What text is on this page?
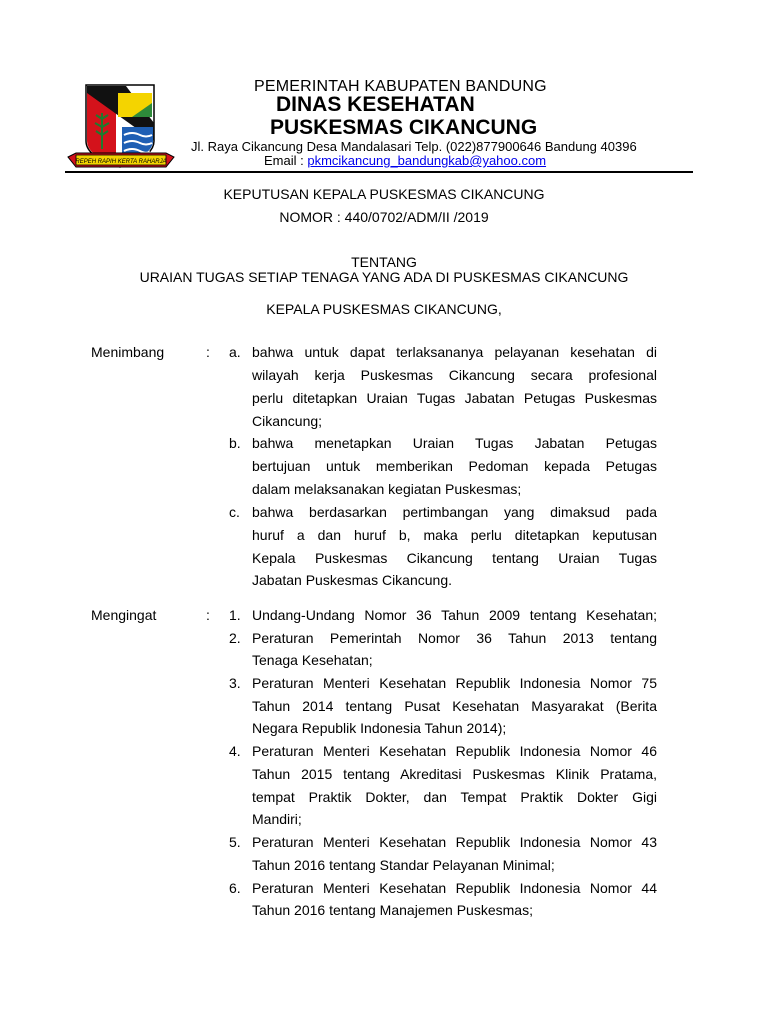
REPEH RAPIH KERTA RAHARJA
PEMERINTAH KABUPATEN BANDUNG
DINAS KESEHATAN
PUSKESMAS CIKANCUNG
Jl. Raya Cikancung Desa Mandalasari Telp. (022)877900646 Bandung 40396
Email : pkmcikancung_bandungkab@yahoo.com
KEPUTUSAN KEPALA PUSKESMAS CIKANCUNG
NOMOR : 440/0702/ADM/II /2019
TENTANG
URAIAN TUGAS SETIAP TENAGA YANG ADA DI PUSKESMAS CIKANCUNG
KEPALA PUSKESMAS CIKANCUNG,
Menimbang	: a. bahwa untuk dapat terlaksananya pelayanan kesehatan di
wilayah kerja Puskesmas Cikancung secara profesional
perlu ditetapkan Uraian Tugas Jabatan Petugas Puskesmas
Cikancung;
b. bahwa menetapkan Uraian Tugas Jabatan Petugas
bertujuan untuk memberikan Pedoman kepada Petugas
dalam melaksanakan kegiatan Puskesmas;
c. bahwa berdasarkan pertimbangan yang dimaksud pada
huruf a dan huruf b, maka perlu ditetapkan keputusan
Kepala Puskesmas Cikancung tentang Uraian Tugas
Jabatan Puskesmas Cikancung.
Mengingat	: 1. Undang-Undang Nomor 36 Tahun 2009 tentang Kesehatan;
2. Peraturan Pemerintah Nomor 36 Tahun 2013 tentang
Tenaga Kesehatan;
3. Peraturan Menteri Kesehatan Republik Indonesia Nomor 75
Tahun 2014 tentang Pusat Kesehatan Masyarakat (Berita
Negara Republik Indonesia Tahun 2014);
4. Peraturan Menteri Kesehatan Republik Indonesia Nomor 46
Tahun 2015 tentang Akreditasi Puskesmas Klinik Pratama,
tempat Praktik Dokter, dan Tempat Praktik Dokter Gigi
Mandiri;
5. Peraturan Menteri Kesehatan Republik Indonesia Nomor 43
Tahun 2016 tentang Standar Pelayanan Minimal;
6. Peraturan Menteri Kesehatan Republik Indonesia Nomor 44
Tahun 2016 tentang Manajemen Puskesmas;
